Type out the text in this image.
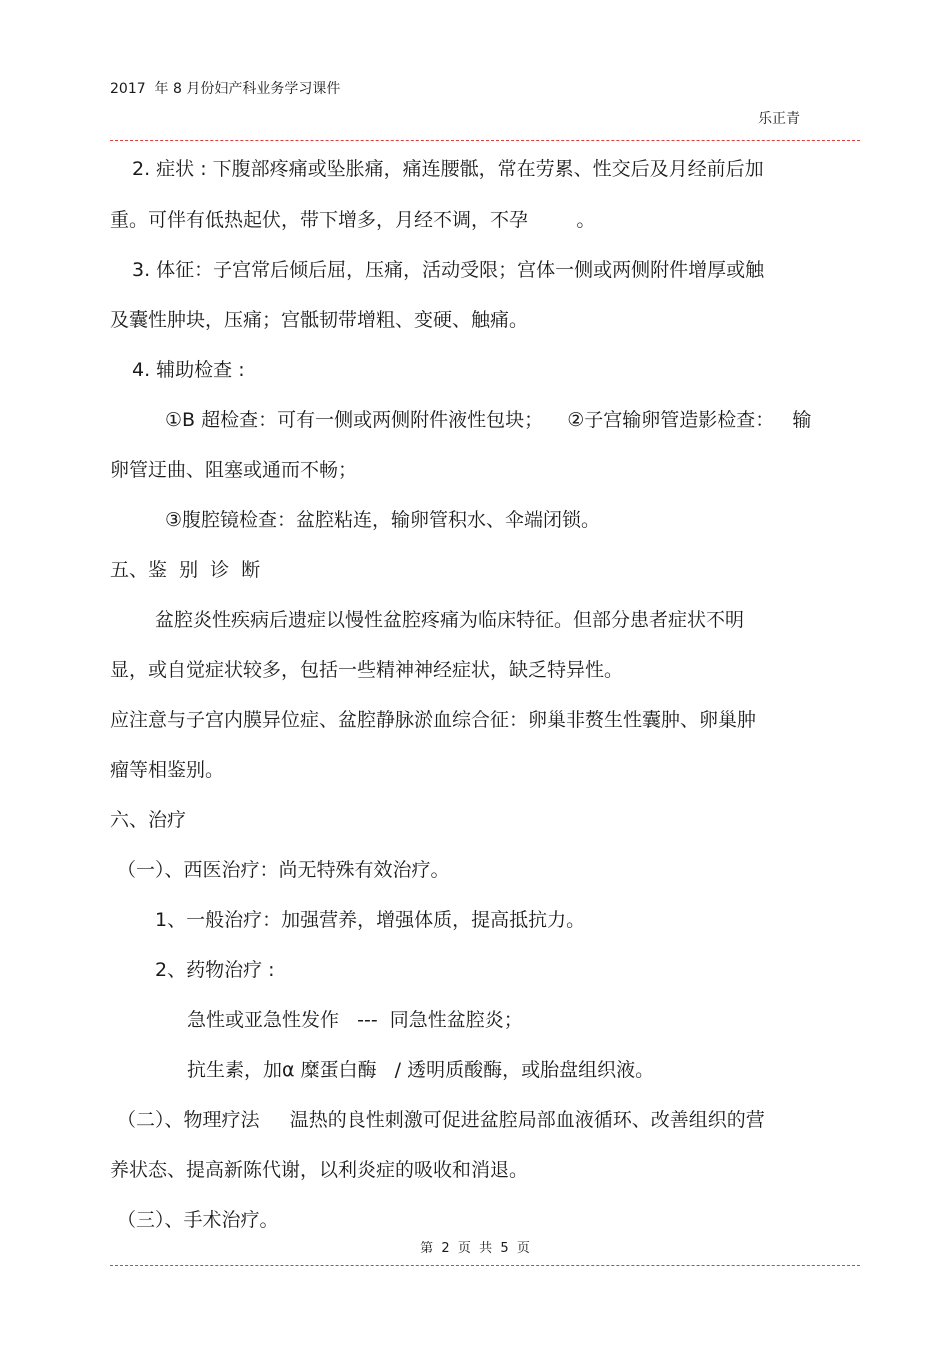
2017  年 8 月份妇产科业务学习课件
乐正青
2. 症状 : 下腹部疼痛或坠胀痛，痛连腰骶，常在劳累、性交后及月经前后加
重。可伴有低热起伏，带下增多，月经不调，不孕        。
3. 体征：子宫常后倾后屈，压痛，活动受限；宫体一侧或两侧附件增厚或触
及囊性肿块，压痛；宫骶韧带增粗、变硬、触痛。
4. 辅助检查 :
①B 超检查：可有一侧或两侧附件液性包块；    ②子宫输卵管造影检查：   输
卵管迂曲、阻塞或通而不畅；
③腹腔镜检查：盆腔粘连，输卵管积水、伞端闭锁。
五、鉴  别  诊  断
盆腔炎性疾病后遗症以慢性盆腔疼痛为临床特征。但部分患者症状不明
显，或自觉症状较多，包括一些精神神经症状，缺乏特异性。
应注意与子宫内膜异位症、盆腔静脉淤血综合征：卵巢非赘生性囊肿、卵巢肿
瘤等相鉴别。
六、治疗
（一）、西医治疗：尚无特殊有效治疗。
1、一般治疗：加强营养，增强体质，提高抵抗力。
2、药物治疗 :
急性或亚急性发作   ---  同急性盆腔炎；
抗生素，加α 糜蛋白酶   / 透明质酸酶，或胎盘组织液。
（二）、物理疗法     温热的良性刺激可促进盆腔局部血液循环、改善组织的营
养状态、提高新陈代谢，以利炎症的吸收和消退。
（三）、手术治疗。
第  2  页  共  5  页
